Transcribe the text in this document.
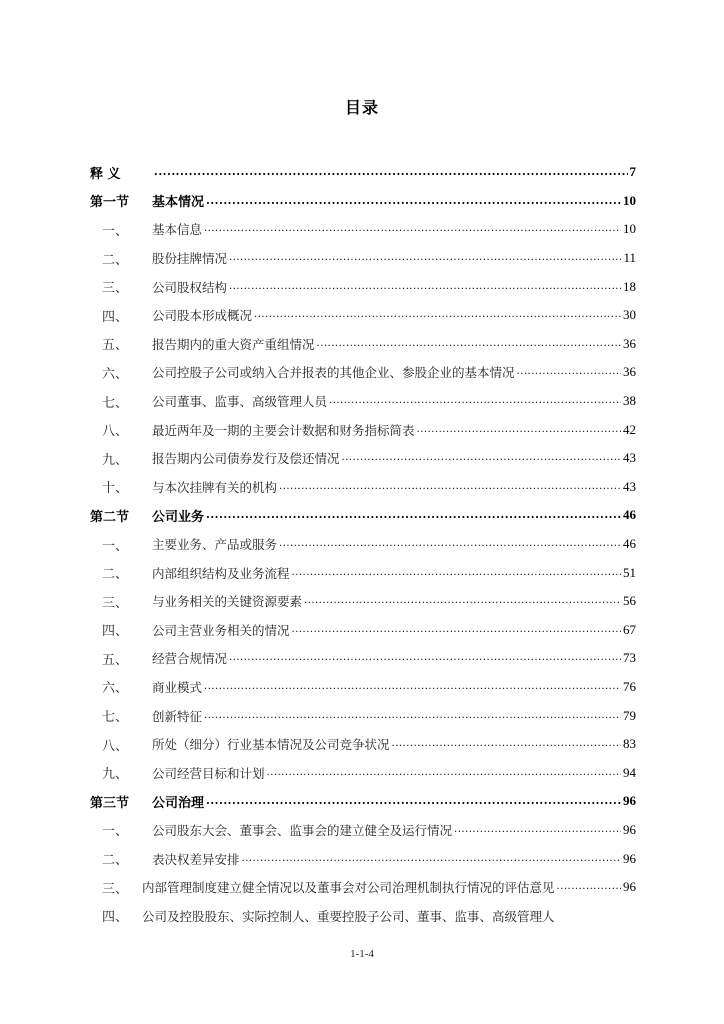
目录
释 义 .....	7
第一节	基本情况 .....	10
一、	基本信息 .....	10
二、	股份挂牌情况 .....	11
三、	公司股权结构 .....	18
四、	公司股本形成概况 .....	30
五、	报告期内的重大资产重组情况 .....	36
六、	公司控股子公司或纳入合并报表的其他企业、参股企业的基本情况 .....	36
七、	公司董事、监事、高级管理人员 .....	38
八、	最近两年及一期的主要会计数据和财务指标简表 .....	42
九、	报告期内公司债券发行及偿还情况 .....	43
十、	与本次挂牌有关的机构 .....	43
第二节	公司业务 .....	46
一、	主要业务、产品或服务 .....	46
二、	内部组织结构及业务流程 .....	51
三、	与业务相关的关键资源要素 .....	56
四、	公司主营业务相关的情况 .....	67
五、	经营合规情况 .....	73
六、	商业模式 .....	76
七、	创新特征 .....	79
八、	所处（细分）行业基本情况及公司竞争状况 .....	83
九、	公司经营目标和计划 .....	94
第三节	公司治理 .....	96
一、	公司股东大会、董事会、监事会的建立健全及运行情况 .....	96
二、	表决权差异安排 .....	96
三、	内部管理制度建立健全情况以及董事会对公司治理机制执行情况的评估意见 .....	96
四、	公司及控股股东、实际控制人、重要控股子公司、董事、监事、高级管理人
1-1-4
